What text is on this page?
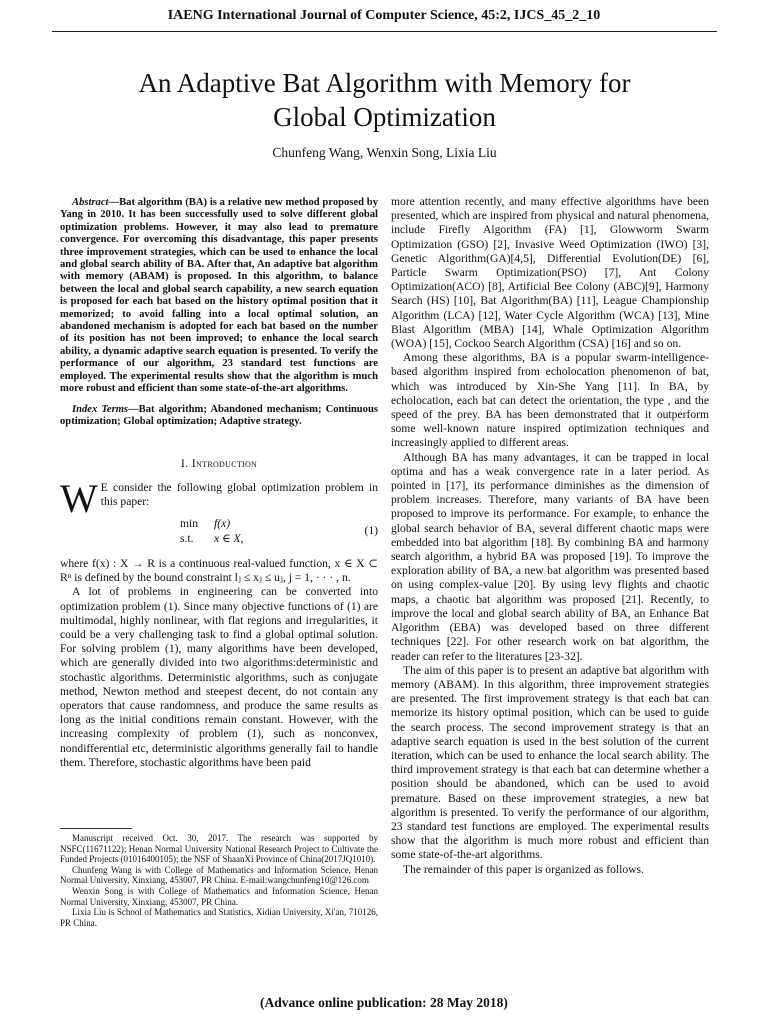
IAENG International Journal of Computer Science, 45:2, IJCS_45_2_10
An Adaptive Bat Algorithm with Memory for
Global Optimization
Chunfeng Wang, Wenxin Song, Lixia Liu
Abstract—Bat algorithm (BA) is a relative new method proposed by Yang in 2010. It has been successfully used to solve different global optimization problems. However, it may also lead to premature convergence. For overcoming this disadvantage, this paper presents three improvement strategies, which can be used to enhance the local and global search ability of BA. After that, An adaptive bat algorithm with memory (ABAM) is proposed. In this algorithm, to balance between the local and global search capability, a new search equation is proposed for each bat based on the history optimal position that it memorized; to avoid falling into a local optimal solution, an abandoned mechanism is adopted for each bat based on the number of its position has not been improved; to enhance the local search ability, a dynamic adaptive search equation is presented. To verify the performance of our algorithm, 23 standard test functions are employed. The experimental results show that the algorithm is much more robust and efficient than some state-of-the-art algorithms.
Index Terms—Bat algorithm; Abandoned mechanism; Continuous optimization; Global optimization; Adaptive strategy.
I. Introduction

W E consider the following global optimization problem in this paper:

min	f(x)
s.t.	x ∈ X,
(1)

where f(x) : X → R is a continuous real-valued function, x ∈ X ⊂ Rⁿ is defined by the bound constraint lⱼ ≤ xⱼ ≤ uⱼ, j = 1, · · · , n.

A lot of problems in engineering can be converted into optimization problem (1). Since many objective functions of (1) are multimodal, highly nonlinear, with flat regions and irregularities, it could be a very challenging task to find a global optimal solution. For solving problem (1), many algorithms have been developed, which are generally divided into two algorithms:deterministic and stochastic algorithms. Deterministic algorithms, such as conjugate method, Newton method and steepest decent, do not contain any operators that cause randomness, and produce the same results as long as the initial conditions remain constant. However, with the increasing complexity of problem (1), such as nonconvex, nondifferential etc, deterministic algorithms generally fail to handle them. Therefore, stochastic algorithms have been paid

Manuscript received Oct. 30, 2017. The research was supported by NSFC(11671122); Henan Normal University National Research Project to Cultivate the Funded Projects (01016400105); the NSF of ShaanXi Province of China(2017JQ1010).

Chunfeng Wang is with College of Mathematics and Information Science, Henan Normal University, Xinxiang, 453007, PR China. E-mail:wangchunfeng10@126.com

Wenxin Song is with College of Mathematics and Information Science, Henan Normal University, Xinxiang, 453007, PR China.

Lixia Liu is School of Mathematics and Statistics, Xidian University, Xi'an, 710126, PR China.

more attention recently, and many effective algorithms have been presented, which are inspired from physical and natural phenomena, include Firefly Algorithm (FA) [1], Glowworm Swarm Optimization (GSO) [2], Invasive Weed Optimization (IWO) [3], Genetic Algorithm(GA)[4,5], Differential Evolution(DE) [6], Particle Swarm Optimization(PSO) [7], Ant Colony Optimization(ACO) [8], Artificial Bee Colony (ABC)[9], Harmony Search (HS) [10], Bat Algorithm(BA) [11], League Championship Algorithm (LCA) [12], Water Cycle Algorithm (WCA) [13], Mine Blast Algorithm (MBA) [14], Whale Optimization Algorithm (WOA) [15], Cockoo Search Algorithm (CSA) [16] and so on.

Among these algorithms, BA is a popular swarm-intelligence-based algorithm inspired from echolocation phenomenon of bat, which was introduced by Xin-She Yang [11]. In BA, by echolocation, each bat can detect the orientation, the type , and the speed of the prey. BA has been demonstrated that it outperform some well-known nature inspired optimization techniques and increasingly applied to different areas.

Although BA has many advantages, it can be trapped in local optima and has a weak convergence rate in a later period. As pointed in [17], its performance diminishes as the dimension of problem increases. Therefore, many variants of BA have been proposed to improve its performance. For example, to enhance the global search behavior of BA, several different chaotic maps were embedded into bat algorithm [18]. By combining BA and harmony search algorithm, a hybrid BA was proposed [19]. To improve the exploration ability of BA, a new bat algorithm was presented based on using complex-value [20]. By using levy flights and chaotic maps, a chaotic bat algorithm was proposed [21]. Recently, to improve the local and global search ability of BA, an Enhance Bat Algorithm (EBA) was developed based on three different techniques [22]. For other research work on bat algorithm, the reader can refer to the literatures [23-32].

The aim of this paper is to present an adaptive bat algorithm with memory (ABAM). In this algorithm, three improvement strategies are presented. The first improvement strategy is that each bat can memorize its history optimal position, which can be used to guide the search process. The second improvement strategy is that an adaptive search equation is used in the best solution of the current iteration, which can be used to enhance the local search ability. The third improvement strategy is that each bat can determine whether a position should be abandoned, which can be used to avoid premature. Based on these improvement strategies, a new bat algorithm is presented. To verify the performance of our algorithm, 23 standard test functions are employed. The experimental results show that the algorithm is much more robust and efficient than some state-of-the-art algorithms.

The remainder of this paper is organized as follows.

(Advance online publication: 28 May 2018)
